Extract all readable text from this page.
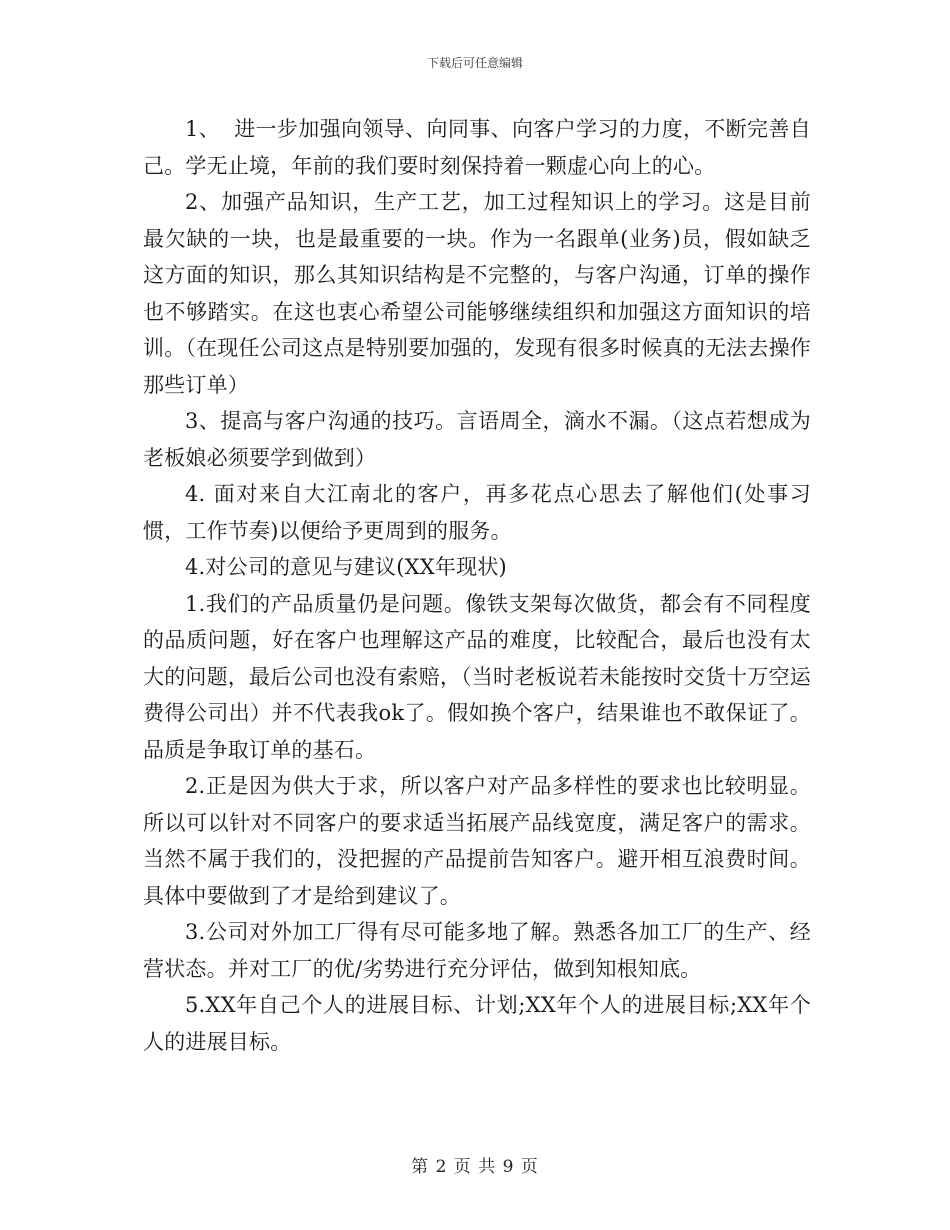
下载后可任意编辑

1、  进一步加强向领导、向同事、向客户学习的力度，不断完善自己。学无止境，年前的我们要时刻保持着一颗虚心向上的心。

2、加强产品知识，生产工艺，加工过程知识上的学习。这是目前最欠缺的一块，也是最重要的一块。作为一名跟单(业务)员，假如缺乏这方面的知识，那么其知识结构是不完整的，与客户沟通，订单的操作也不够踏实。在这也衷心希望公司能够继续组织和加强这方面知识的培训。（在现任公司这点是特别要加强的，发现有很多时候真的无法去操作那些订单）

3、提高与客户沟通的技巧。言语周全，滴水不漏。（这点若想成为老板娘必须要学到做到）

4. 面对来自大江南北的客户，再多花点心思去了解他们(处事习惯，工作节奏)以便给予更周到的服务。

4.对公司的意见与建议(XX年现状)

1.我们的产品质量仍是问题。像铁支架每次做货，都会有不同程度的品质问题，好在客户也理解这产品的难度，比较配合，最后也没有太大的问题，最后公司也没有索赔，（当时老板说若未能按时交货十万空运费得公司出）并不代表我ok了。假如换个客户，结果谁也不敢保证了。品质是争取订单的基石。

2.正是因为供大于求，所以客户对产品多样性的要求也比较明显。所以可以针对不同客户的要求适当拓展产品线宽度，满足客户的需求。当然不属于我们的，没把握的产品提前告知客户。避开相互浪费时间。具体中要做到了才是给到建议了。

3.公司对外加工厂得有尽可能多地了解。熟悉各加工厂的生产、经营状态。并对工厂的优/劣势进行充分评估，做到知根知底。

5.XX年自己个人的进展目标、计划;XX年个人的进展目标;XX年个人的进展目标。

第 2 页 共 9 页
